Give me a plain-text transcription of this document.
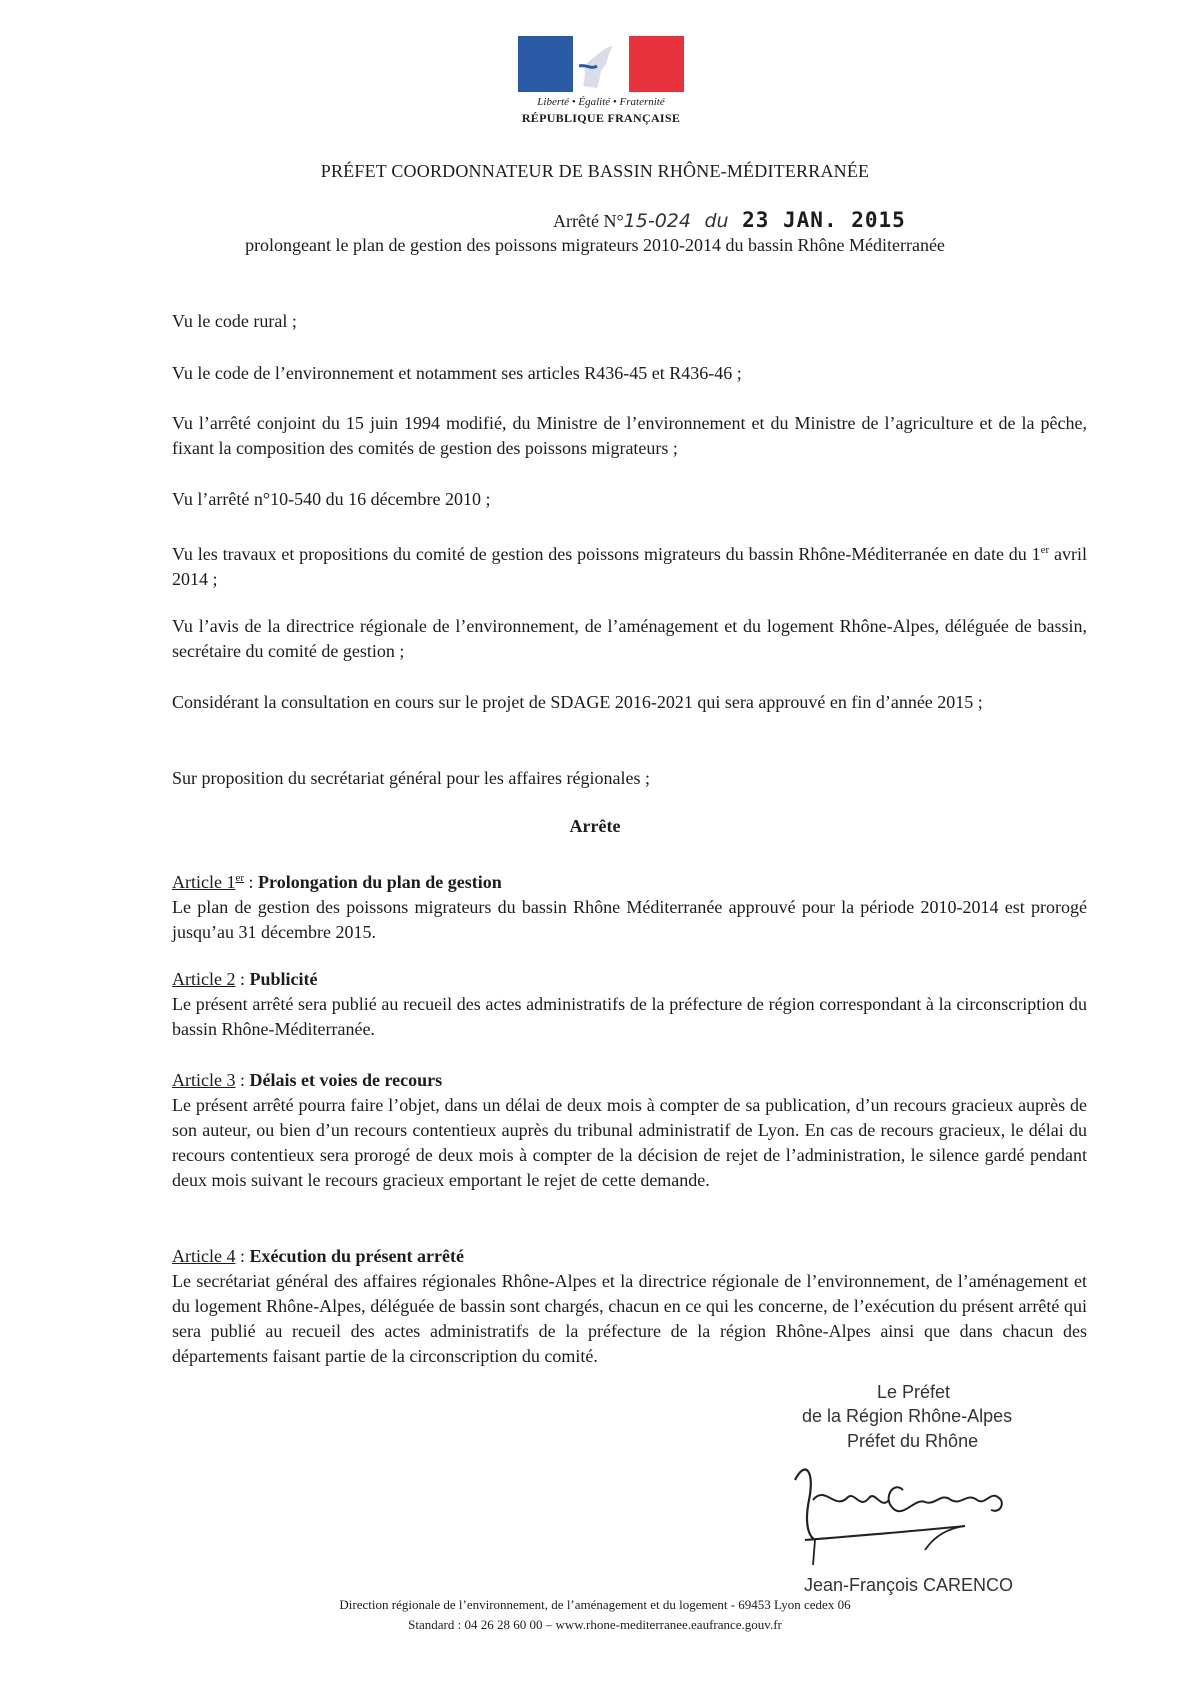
Liberté • Égalité • Fraternité
RÉPUBLIQUE FRANÇAISE
PRÉFET COORDONNATEUR DE BASSIN RHÔNE-MÉDITERRANÉE
Arrêté N°15-024 du 23 JAN. 2015
prolongeant le plan de gestion des poissons migrateurs 2010-2014 du bassin Rhône Méditerranée
Vu le code rural ;
Vu le code de l’environnement et notamment ses articles R436-45 et R436-46 ;
Vu l’arrêté conjoint du 15 juin 1994 modifié, du Ministre de l’environnement et du Ministre de l’agriculture et de la pêche, fixant la composition des comités de gestion des poissons migrateurs ;
Vu l’arrêté n°10-540 du 16 décembre 2010 ;
Vu les travaux et propositions du comité de gestion des poissons migrateurs du bassin Rhône-Méditerranée en date du 1er avril 2014 ;
Vu l’avis de la directrice régionale de l’environnement, de l’aménagement et du logement Rhône-Alpes, déléguée de bassin, secrétaire du comité de gestion ;
Considérant la consultation en cours sur le projet de SDAGE 2016-2021 qui sera approuvé en fin d’année 2015 ;
Sur proposition du secrétariat général pour les affaires régionales ;
Arrête
Article 1er : Prolongation du plan de gestion
Le plan de gestion des poissons migrateurs du bassin Rhône Méditerranée approuvé pour la période 2010-2014 est prorogé jusqu’au 31 décembre 2015.
Article 2 : Publicité
Le présent arrêté sera publié au recueil des actes administratifs de la préfecture de région correspondant à la circonscription du bassin Rhône-Méditerranée.
Article 3 : Délais et voies de recours
Le présent arrêté pourra faire l’objet, dans un délai de deux mois à compter de sa publication, d’un recours gracieux auprès de son auteur, ou bien d’un recours contentieux auprès du tribunal administratif de Lyon. En cas de recours gracieux, le délai du recours contentieux sera prorogé de deux mois à compter de la décision de rejet de l’administration, le silence gardé pendant deux mois suivant le recours gracieux emportant le rejet de cette demande.
Article 4 : Exécution du présent arrêté
Le secrétariat général des affaires régionales Rhône-Alpes et la directrice régionale de l’environnement, de l’aménagement et du logement Rhône-Alpes, déléguée de bassin sont chargés, chacun en ce qui les concerne, de l’exécution du présent arrêté qui sera publié au recueil des actes administratifs de la préfecture de la région Rhône-Alpes ainsi que dans chacun des départements faisant partie de la circonscription du comité.
Le Préfet
de la Région Rhône-Alpes
Préfet du Rhône
Jean-François CARENCO
Direction régionale de l’environnement, de l’aménagement et du logement - 69453 Lyon cedex 06
Standard : 04 26 28 60 00 – www.rhone-mediterranee.eaufrance.gouv.fr
